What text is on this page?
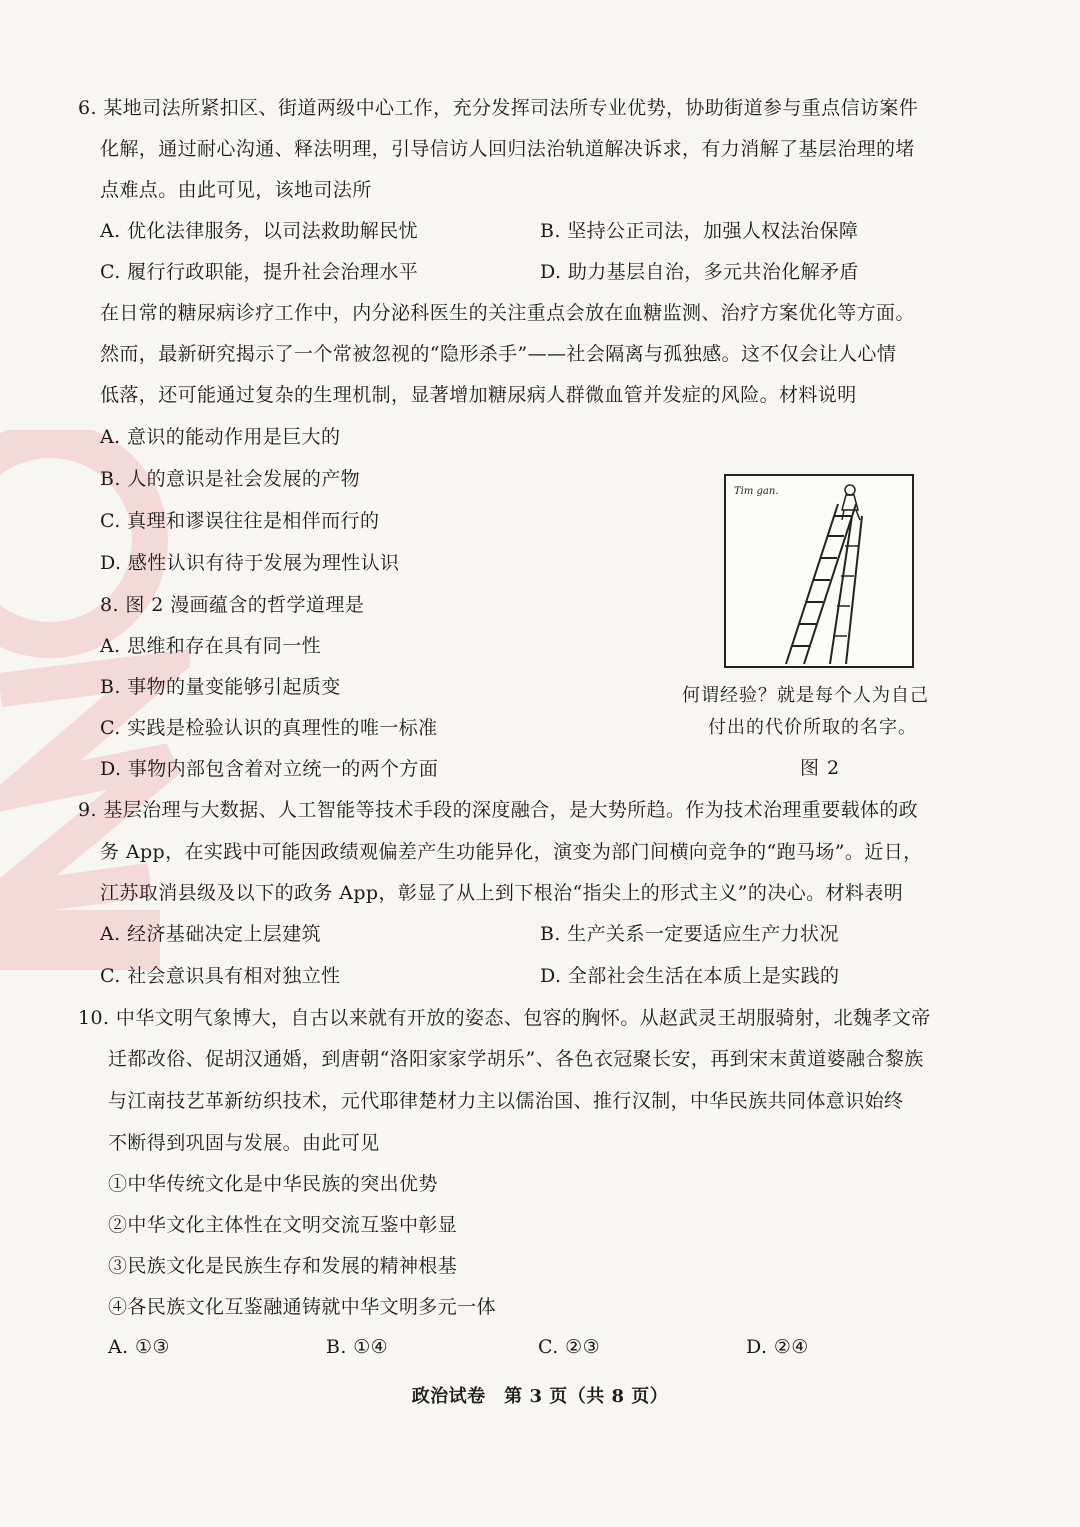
6. 某地司法所紧扣区、街道两级中心工作，充分发挥司法所专业优势，协助街道参与重点信访案件
化解，通过耐心沟通、释法明理，引导信访人回归法治轨道解决诉求，有力消解了基层治理的堵
点难点。由此可见，该地司法所
A. 优化法律服务，以司法救助解民忧	B. 坚持公正司法，加强人权法治保障
C. 履行行政职能，提升社会治理水平	D. 助力基层自治，多元共治化解矛盾
在日常的糖尿病诊疗工作中，内分泌科医生的关注重点会放在血糖监测、治疗方案优化等方面。
然而，最新研究揭示了一个常被忽视的“隐形杀手”——社会隔离与孤独感。这不仅会让人心情
低落，还可能通过复杂的生理机制，显著增加糖尿病人群微血管并发症的风险。材料说明
A. 意识的能动作用是巨大的
B. 人的意识是社会发展的产物
C. 真理和谬误往往是相伴而行的
D. 感性认识有待于发展为理性认识
8. 图 2 漫画蕴含的哲学道理是
A. 思维和存在具有同一性
B. 事物的量变能够引起质变
C. 实践是检验认识的真理性的唯一标准
D. 事物内部包含着对立统一的两个方面
Tim gan.
何谓经验？就是每个人为自己
付出的代价所取的名字。
图 2
9. 基层治理与大数据、人工智能等技术手段的深度融合，是大势所趋。作为技术治理重要载体的政
务 App，在实践中可能因政绩观偏差产生功能异化，演变为部门间横向竞争的“跑马场”。近日，
江苏取消县级及以下的政务 App，彰显了从上到下根治“指尖上的形式主义”的决心。材料表明
A. 经济基础决定上层建筑	B. 生产关系一定要适应生产力状况
C. 社会意识具有相对独立性	D. 全部社会生活在本质上是实践的
10. 中华文明气象博大，自古以来就有开放的姿态、包容的胸怀。从赵武灵王胡服骑射，北魏孝文帝
迁都改俗、促胡汉通婚，到唐朝“洛阳家家学胡乐”、各色衣冠聚长安，再到宋末黄道婆融合黎族
与江南技艺革新纺织技术，元代耶律楚材力主以儒治国、推行汉制，中华民族共同体意识始终
不断得到巩固与发展。由此可见
①中华传统文化是中华民族的突出优势
②中华文化主体性在文明交流互鉴中彰显
③民族文化是民族生存和发展的精神根基
④各民族文化互鉴融通铸就中华文明多元一体
A. ①③	B. ①④	C. ②③	D. ②④
政治试卷　第 3 页（共 8 页）
